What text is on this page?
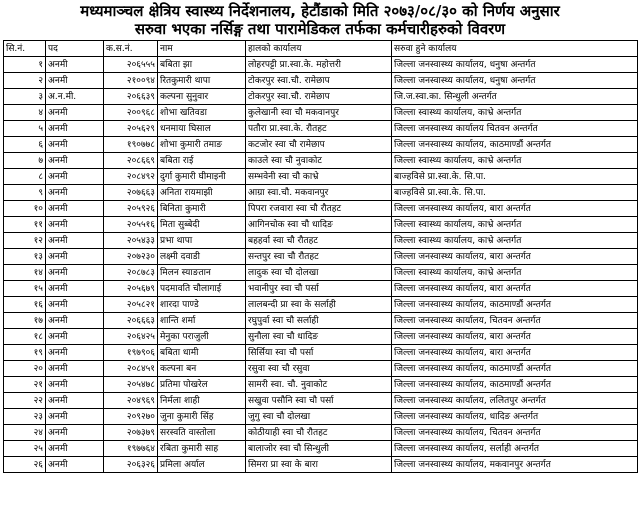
मध्यमाञ्चल क्षेत्रिय स्वास्थ्य निर्देशनालय, हेटौंडाको मिति २०७३/०८/३० को निर्णय अनुसार
सरुवा भएका नर्सिङ्ग तथा पारामेडिकल तर्फका कर्मचारीहरुको विवरण
सि.नं.	पद	क.स.नं.	नाम	हालको कार्यालय	सरुवा हुने कार्यालय
१	अनमी	२०६५५५	बबिता झा	लोहरपट्टी प्रा.स्वा.के. महोत्तरी	जिल्ला जनस्वास्थ्य कार्यालय, धनुषा अन्तर्गत
२	अनमी	२१००९४	रितकुमारी थापा	टोकरपुर स्वा.चौ. रामेछाप	जिल्ला जनस्वास्थ्य कार्यालय, धनुषा अन्तर्गत
३	अ.न.मी.	२०६६३९	कल्पना सुनुवार	टोकरपुर स्वा.चौ. रामेछाप	जि.ज.स्वा.का. सिन्धुली अन्तर्गत
४	अनमी	२००९६८	शोभा खतिवडा	कुलेखानी स्वा चौ मकवानपुर	जिल्ला स्वास्थ्य कार्यालय, काभ्रे अन्तर्गत
५	अनमी	२०५६२९	धनमाया घिसाल	पतौरा प्रा.स्वा.के. रौतहट	जिल्ला जनस्वास्थ्य कार्यालय चितवन अन्तर्गत
६	अनमी	१९०७७८	शोभा कुमारी तमाङ	कटजोर स्वा चौ रामेछाप	जिल्ला जनस्वास्थ्य कार्यालय, काठमाण्डौं अन्तर्गत
७	अनमी	२०८६६९	बबिता राई	काउले स्वा चौ नुवाकोट	जिल्ला स्वास्थ्य कार्यालय, काभ्रे अन्तर्गत
८	अनमी	२०८४९२	दुर्गा कुमारी घीमाइनी	सम्भवेनी स्वा चौ काभ्रे	बाज्हविसे प्रा.स्वा.के. सि.पा.
९	अनमी	२०७६६३	अनिता रायमाझी	आग्रा स्वा.चौ. मकवानपुर	बाज्हविसे प्रा.स्वा.के. सि.पा.
१०	अनमी	२०५९२६	बिनिता कुमारी	पिपरा रजवारा स्वा चौ रौतहट	जिल्ला जनस्वास्थ्य कार्यालय, बारा अन्तर्गत
११	अनमी	२०५५१६	मिता सुब्बेदी	आगिनचोक स्वा चौ धादिङ	जिल्ला स्वास्थ्य कार्यालय, काभ्रे अन्तर्गत
१२	अनमी	२०५४३३	प्रभा थापा	बहहर्वा स्वा चौ रौतहट	जिल्ला स्वास्थ्य कार्यालय, काभ्रे अन्तर्गत
१३	अनमी	२०७२३०	लक्ष्मी दवाडी	सन्तपुर स्वा चौ रौतहट	जिल्ला जनस्वास्थ्य कार्यालय, बारा अन्तर्गत
१४	अनमी	२०८७८३	मिलन स्याङतान	लादुक स्वा चौ दोलखा	जिल्ला स्वास्थ्य कार्यालय, काभ्रे अन्तर्गत
१५	अनमी	२०५६७९	पदमावति चौलागाई	भवानीपुर स्वा चौ पर्सा	जिल्ला जनस्वास्थ्य कार्यालय, बारा अन्तर्गत
१६	अनमी	२०५८२१	शारदा पाण्डे	लालबन्दी प्रा स्वा के सर्लाही	जिल्ला जनस्वास्थ्य कार्यालय, काठमाण्डौं अन्तर्गत
१७	अनमी	२०६६६३	शान्ति शर्मा	रघुपुर्वा स्वा चौ सर्लाही	जिल्ला जनस्वास्थ्य कार्यालय, चितवन अन्तर्गत
१८	अनमी	२०६४२५	मेनुका पराजुली	सुनौला स्वा चौ धादिङ	जिल्ला जनस्वास्थ्य कार्यालय, बारा अन्तर्गत
१९	अनमी	१९७९०६	बबिता धामी	सिर्सिया स्वा चौ पर्सा	जिल्ला जनस्वास्थ्य कार्यालय, बारा अन्तर्गत
२०	अनमी	२०८४५१	कल्पना बन	रसुवा स्वा चौ रसुवा	जिल्ला जनस्वास्थ्य कार्यालय, काठमाण्डौं अन्तर्गत
२१	अनमी	२०५४७८	प्रतिमा पोखरेल	सामरी स्वा. चौ. नुवाकोट	जिल्ला जनस्वास्थ्य कार्यालय, काठमाण्डौं अन्तर्गत
२२	अनमी	२०४९६९	निर्मला शाही	सखुवा पसौनि स्वा चौ पर्सा	जिल्ला जनस्वास्थ्य कार्यालय, ललितपुर अन्तर्गत
२३	अनमी	२०९२७०	जुना कुमारी सिंह	जुगु स्वा चौ दोलखा	जिल्ला जनस्वास्थ्य कार्यालय, धादिङ अन्तर्गत
२४	अनमी	२०७३७९	सरस्वति वास्तोला	कोठीयाही स्वा चौ रौतहट	जिल्ला जनस्वास्थ्य कार्यालय, चितवन अन्तर्गत
२५	अनमी	१९७७६४	रबिता कुमारी साह	बालाजोर स्वा चौ सिन्धुली	जिल्ला जनस्वास्थ्य कार्यालय, सर्लाही अन्तर्गत
२६	अनमी	२०६३२६	प्रमिला अर्याल	सिमरा प्रा स्वा के बारा	जिल्ला जनस्वास्थ्य कार्यालय, मकवानपुर अन्तर्गत
